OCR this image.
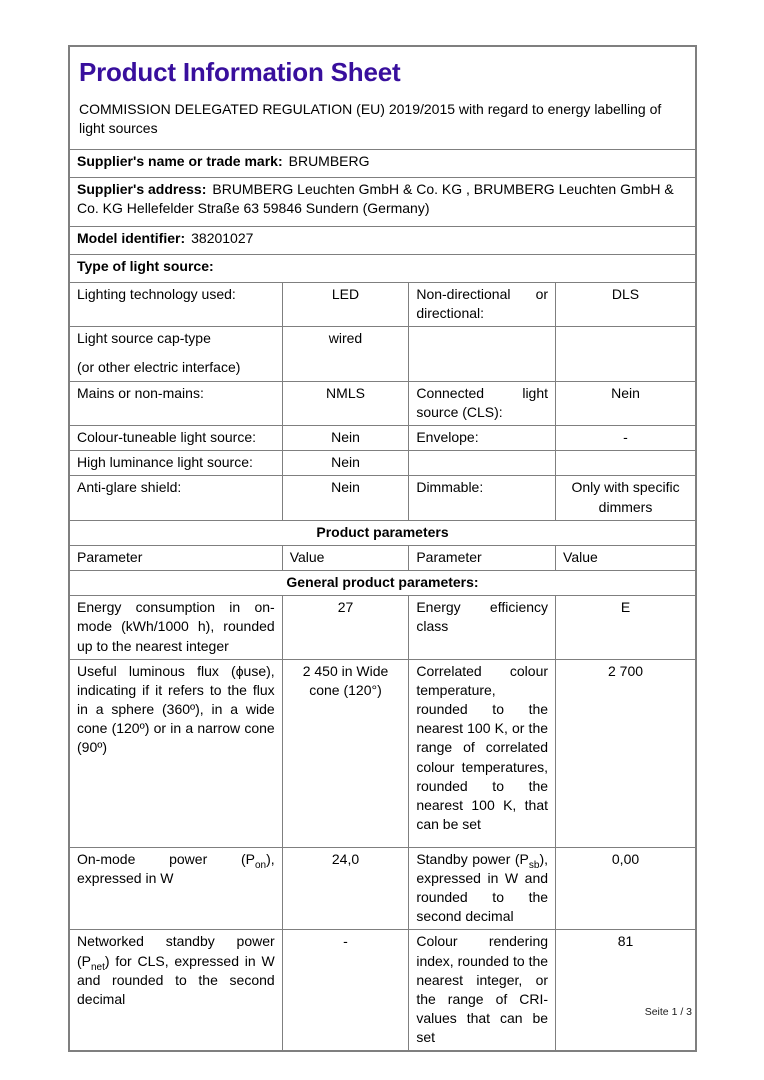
Product Information Sheet

COMMISSION DELEGATED REGULATION (EU) 2019/2015 with regard to energy labelling of light sources

Supplier's name or trade mark: BRUMBERG			
Supplier's address: BRUMBERG Leuchten GmbH & Co. KG , BRUMBERG Leuchten GmbH & Co. KG Hellefelder Straße 63 59846 Sundern (Germany)			
Model identifier: 38201027			
Type of light source:			
Lighting technology used:	LED	Non-directional or directional:	DLS

Light source cap-type
(or other electric interface)	wired		
Mains or non-mains:	NMLS	Connected light source (CLS):	Nein
Colour-tuneable light source:	Nein	Envelope:	-
High luminance light source:	Nein		
Anti-glare shield:	Nein	Dimmable:	Only with specific dimmers
Product parameters			
Parameter	Value	Parameter	Value
General product parameters:			
Energy consumption in on-mode (kWh/1000 h), rounded up to the nearest integer	27	Energy efficiency class	E
Useful luminous flux (ϕuse), indicating if it refers to the flux in a sphere (360º), in a wide cone (120º) or in a narrow cone (90º)	2 450 in Wide cone (120°)	Correlated colour temperature, rounded to the nearest 100 K, or the range of correlated colour temperatures, rounded to the nearest 100 K, that can be set	2 700
On-mode power $(P_{on})$, expressed in W	24,0	Standby power $(P_{sb})$, expressed in W and rounded to the second decimal	0,00
Networked standby power $(P_{net})$ for CLS, expressed in W and rounded to the second decimal	-	Colour rendering index, rounded to the nearest integer, or the range of CRI-values that can be set	81
Seite 1 / 3
